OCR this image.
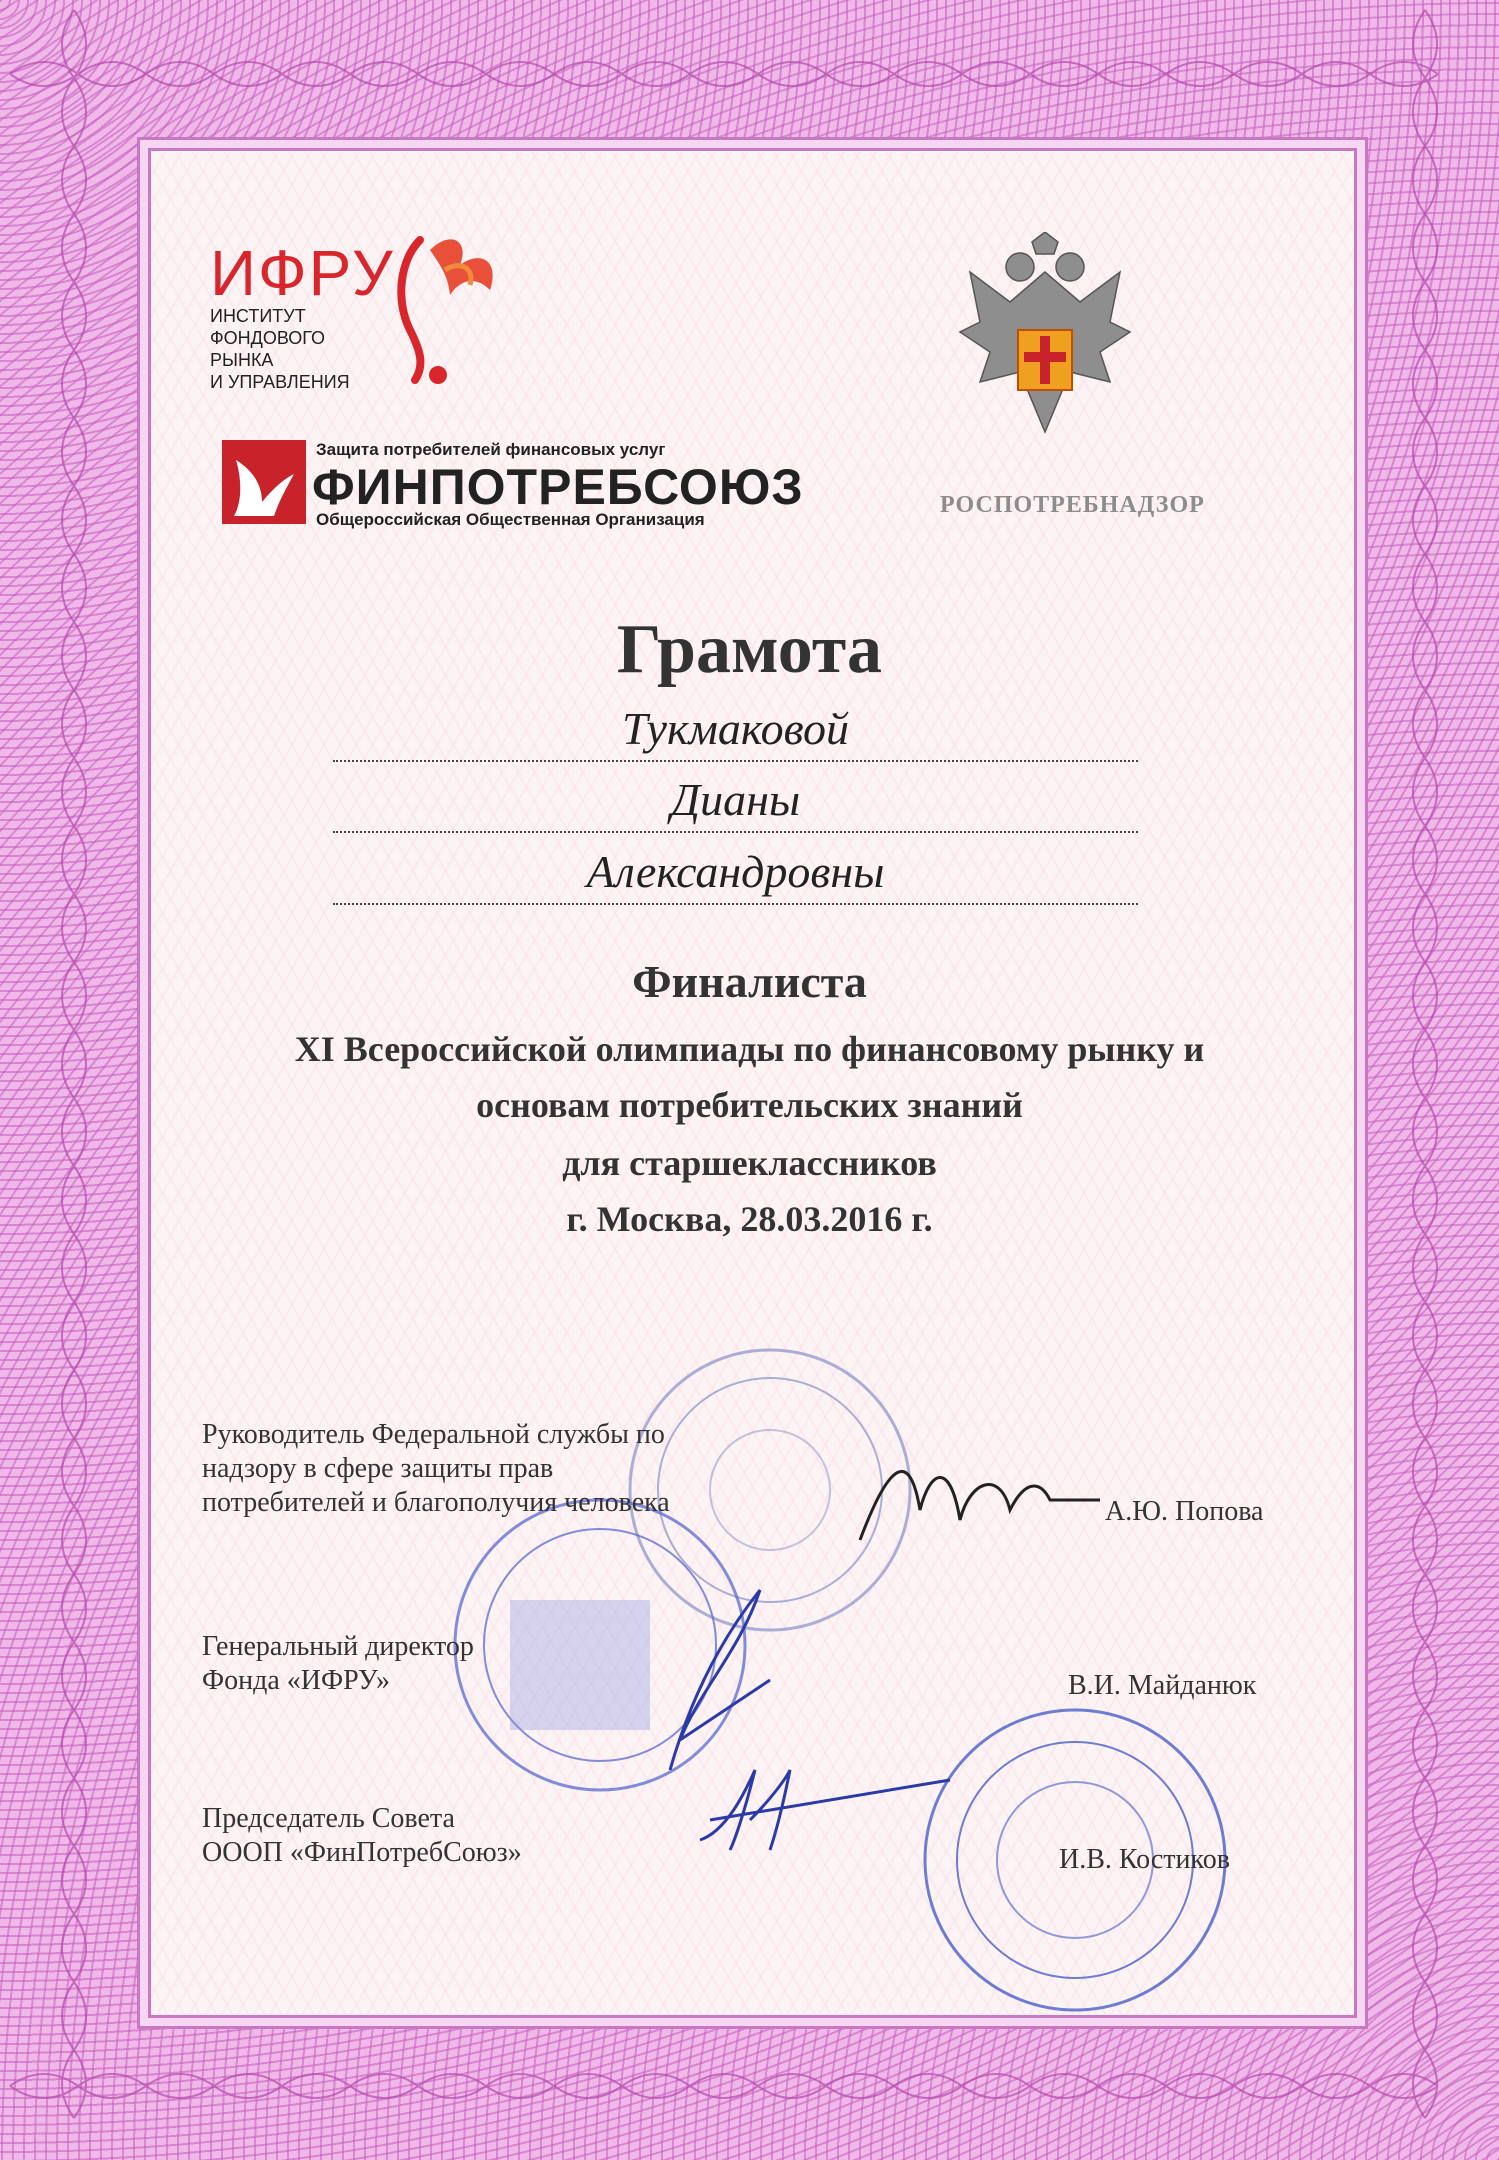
ИФРУ
ИНСТИТУТ
ФОНДОВОГО
РЫНКА
И УПРАВЛЕНИЯ
Защита потребителей финансовых услуг
ФИНПОТРЕБСОЮЗ
Общероссийская Общественная Организация
РОСПОТРЕБНАДЗОР
Грамота
Тукмаковой
Дианы
Александровны
Финалиста
XI Всероссийской олимпиады по финансовому рынку и
основам потребительских знаний
для старшеклассников
г. Москва, 28.03.2016 г.
Руководитель Федеральной службы по
надзору в сфере защиты прав
потребителей и благополучия человека	А.Ю. Попова
Генеральный директор
Фонда «ИФРУ»	В.И. Майданюк
Председатель Совета
ОООП «ФинПотребСоюз»	И.В. Костиков
